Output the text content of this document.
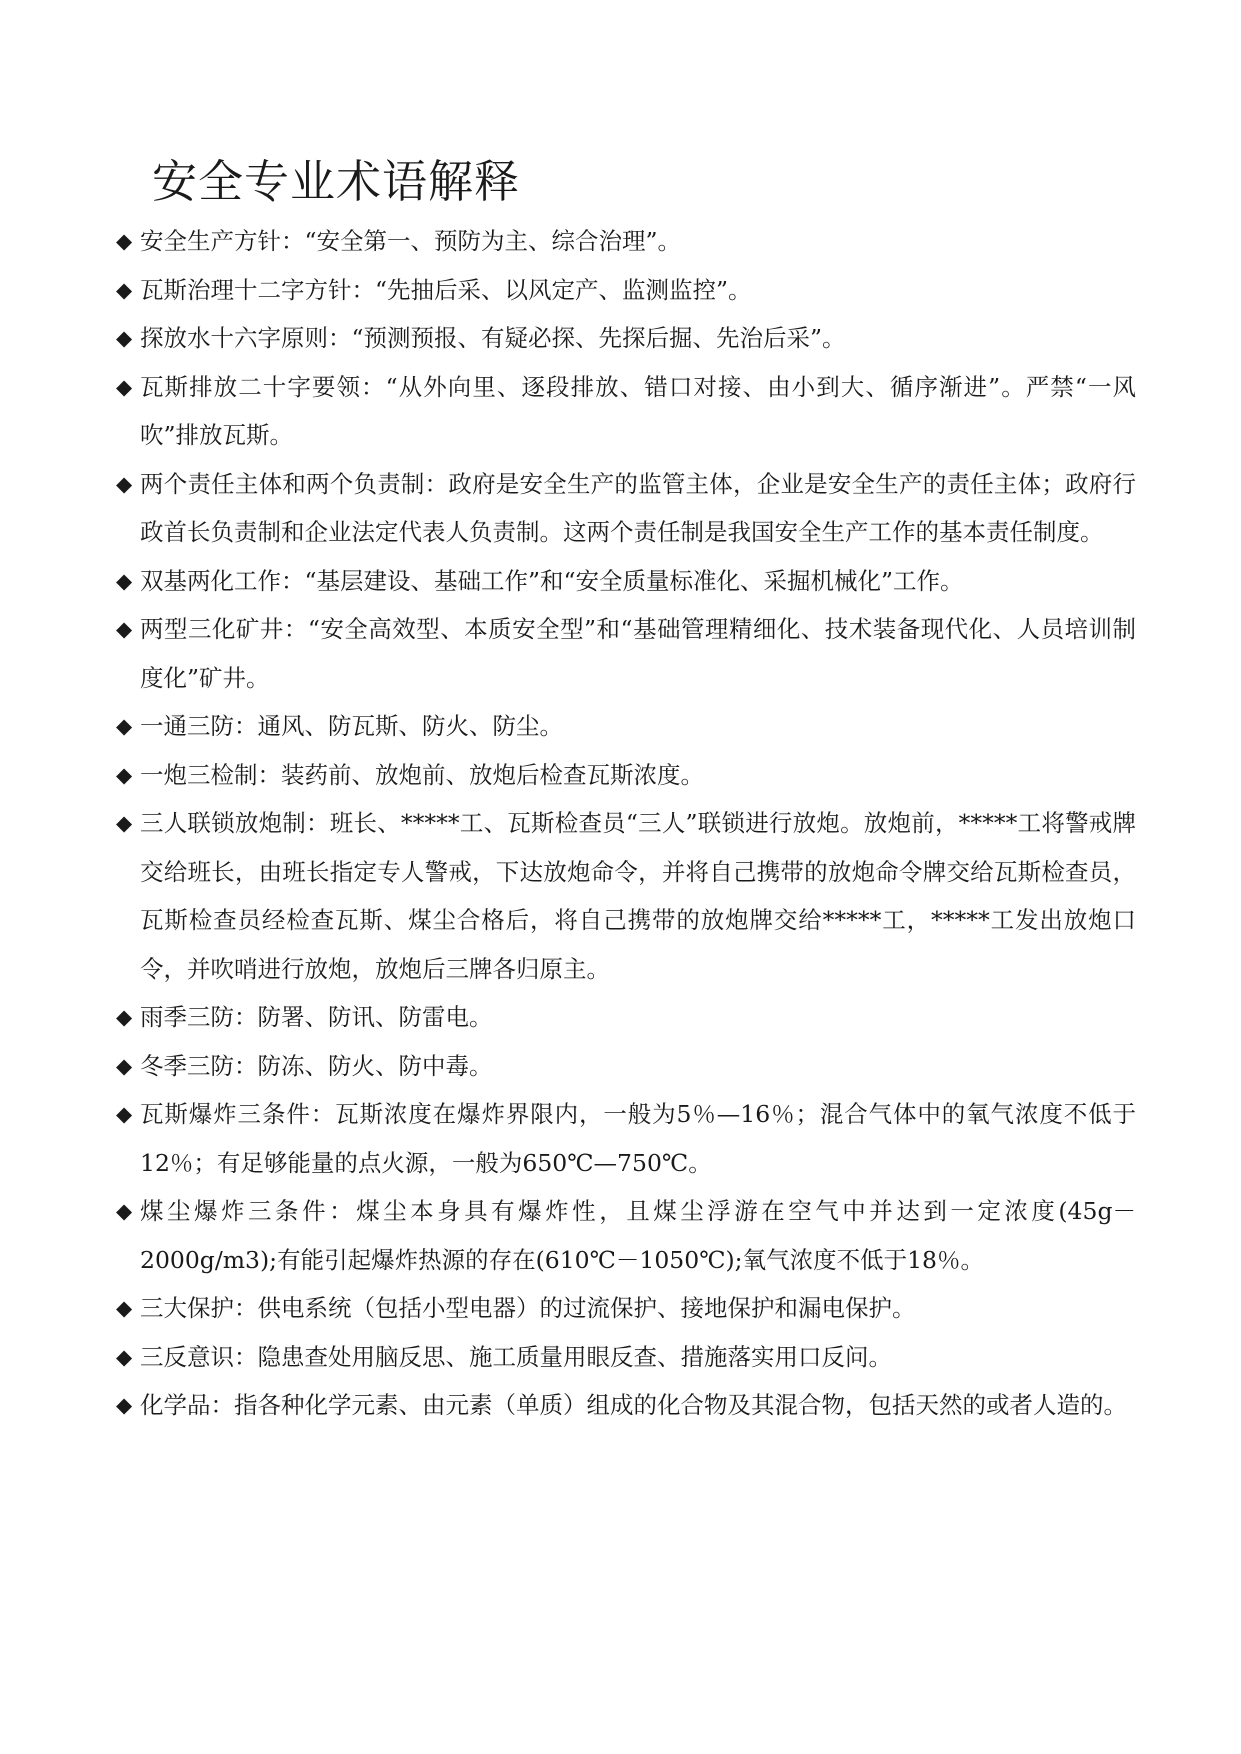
安全专业术语解释
◆ 安全生产方针：“安全第一、预防为主、综合治理”。
◆ 瓦斯治理十二字方针：“先抽后采、以风定产、监测监控”。
◆ 探放水十六字原则：“预测预报、有疑必探、先探后掘、先治后采”。
◆ 瓦斯排放二十字要领：“从外向里、逐段排放、错口对接、由小到大、循序渐进”。严禁“一风吹”排放瓦斯。
◆ 两个责任主体和两个负责制：政府是安全生产的监管主体，企业是安全生产的责任主体；政府行政首长负责制和企业法定代表人负责制。这两个责任制是我国安全生产工作的基本责任制度。
◆ 双基两化工作：“基层建设、基础工作”和“安全质量标准化、采掘机械化”工作。
◆ 两型三化矿井：“安全高效型、本质安全型”和“基础管理精细化、技术装备现代化、人员培训制度化”矿井。
◆ 一通三防：通风、防瓦斯、防火、防尘。
◆ 一炮三检制：装药前、放炮前、放炮后检查瓦斯浓度。
◆ 三人联锁放炮制：班长、*****工、瓦斯检查员“三人”联锁进行放炮。放炮前，*****工将警戒牌交给班长，由班长指定专人警戒，下达放炮命令，并将自己携带的放炮命令牌交给瓦斯检查员，瓦斯检查员经检查瓦斯、煤尘合格后，将自己携带的放炮牌交给*****工，*****工发出放炮口令，并吹哨进行放炮，放炮后三牌各归原主。
◆ 雨季三防：防署、防讯、防雷电。
◆ 冬季三防：防冻、防火、防中毒。
◆ 瓦斯爆炸三条件：瓦斯浓度在爆炸界限内，一般为5％—16％；混合气体中的氧气浓度不低于12％；有足够能量的点火源，一般为650℃—750℃。
◆ 煤尘爆炸三条件：煤尘本身具有爆炸性，且煤尘浮游在空气中并达到一定浓度(45g－2000g/m3);有能引起爆炸热源的存在(610℃－1050℃);氧气浓度不低于18％。
◆ 三大保护：供电系统（包括小型电器）的过流保护、接地保护和漏电保护。
◆ 三反意识：隐患查处用脑反思、施工质量用眼反查、措施落实用口反问。
◆ 化学品：指各种化学元素、由元素（单质）组成的化合物及其混合物，包括天然的或者人造的。
